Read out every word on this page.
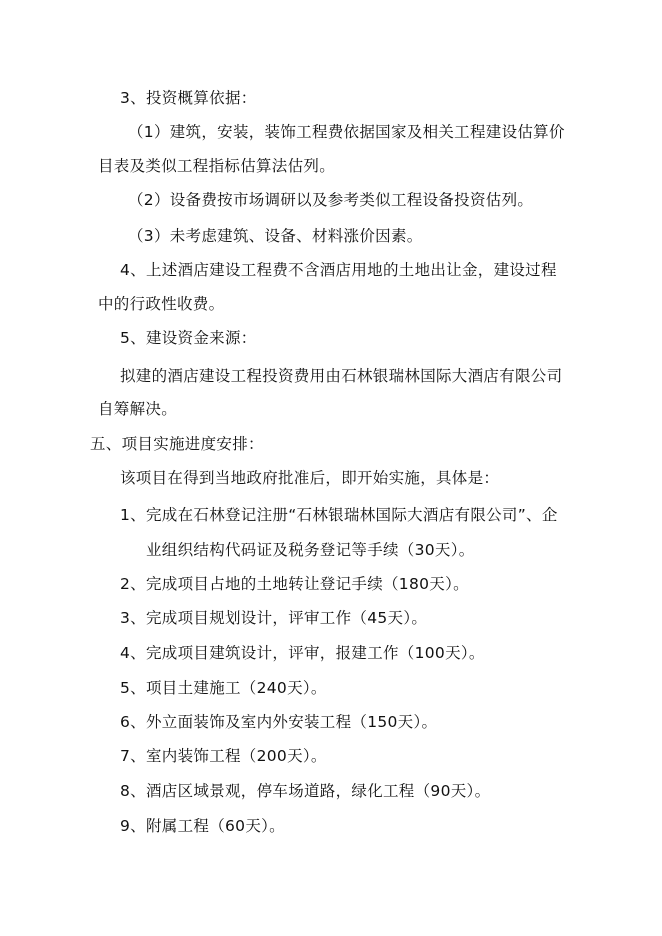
3、投资概算依据：
（1）建筑，安装，装饰工程费依据国家及相关工程建设估算价
目表及类似工程指标估算法估列。
（2）设备费按市场调研以及参考类似工程设备投资估列。
（3）未考虑建筑、设备、材料涨价因素。
4、上述酒店建设工程费不含酒店用地的土地出让金，建设过程
中的行政性收费。
5、建设资金来源：
拟建的酒店建设工程投资费用由石林银瑞林国际大酒店有限公司
自筹解决。
五、项目实施进度安排：
该项目在得到当地政府批准后，即开始实施，具体是：
1、完成在石林登记注册“石林银瑞林国际大酒店有限公司”、企
业组织结构代码证及税务登记等手续（30天）。
2、完成项目占地的土地转让登记手续（180天）。
3、完成项目规划设计，评审工作（45天）。
4、完成项目建筑设计，评审，报建工作（100天）。
5、项目土建施工（240天）。
6、外立面装饰及室内外安装工程（150天）。
7、室内装饰工程（200天）。
8、酒店区域景观，停车场道路，绿化工程（90天）。
9、附属工程（60天）。
